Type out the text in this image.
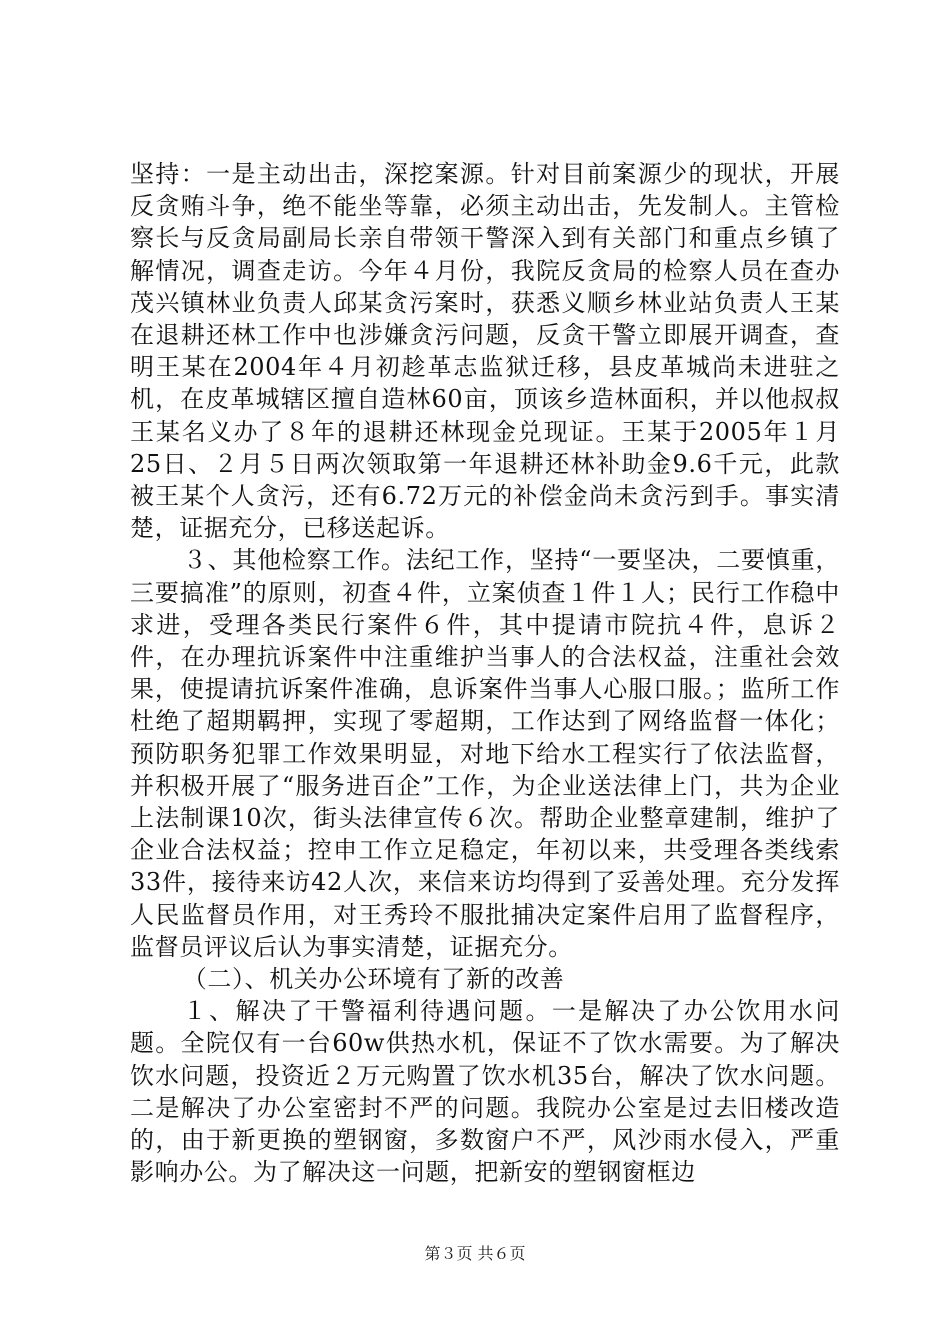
坚持：一是主动出击，深挖案源。针对目前案源少的现状，开展反贪贿斗争，绝不能坐等靠，必须主动出击，先发制人。主管检察长与反贪局副局长亲自带领干警深入到有关部门和重点乡镇了解情况，调查走访。今年４月份，我院反贪局的检察人员在查办茂兴镇林业负责人邱某贪污案时，获悉义顺乡林业站负责人王某在退耕还林工作中也涉嫌贪污问题，反贪干警立即展开调查，查明王某在2004年４月初趁革志监狱迁移，县皮革城尚未进驻之机，在皮革城辖区擅自造林60亩，顶该乡造林面积，并以他叔叔王某名义办了８年的退耕还林现金兑现证。王某于2005年１月25日、２月５日两次领取第一年退耕还林补助金9.6千元，此款被王某个人贪污，还有6.72万元的补偿金尚未贪污到手。事实清楚，证据充分，已移送起诉。

３、其他检察工作。法纪工作，坚持“一要坚决，二要慎重，三要搞准”的原则，初查４件，立案侦查１件１人；民行工作稳中求进，受理各类民行案件６件，其中提请市院抗４件，息诉２件，在办理抗诉案件中注重维护当事人的合法权益，注重社会效果，使提请抗诉案件准确，息诉案件当事人心服口服。；监所工作杜绝了超期羁押，实现了零超期，工作达到了网络监督一体化；预防职务犯罪工作效果明显，对地下给水工程实行了依法监督，并积极开展了“服务进百企”工作，为企业送法律上门，共为企业上法制课10次，街头法律宣传６次。帮助企业整章建制，维护了企业合法权益；控申工作立足稳定，年初以来，共受理各类线索33件，接待来访42人次，来信来访均得到了妥善处理。充分发挥人民监督员作用，对王秀玲不服批捕决定案件启用了监督程序，监督员评议后认为事实清楚，证据充分。

（二）、机关办公环境有了新的改善

１、解决了干警福利待遇问题。一是解决了办公饮用水问题。全院仅有一台60w供热水机，保证不了饮水需要。为了解决饮水问题，投资近２万元购置了饮水机35台，解决了饮水问题。二是解决了办公室密封不严的问题。我院办公室是过去旧楼改造的，由于新更换的塑钢窗，多数窗户不严，风沙雨水侵入，严重影响办公。为了解决这一问题，把新安的塑钢窗框边

第３页 共６页
